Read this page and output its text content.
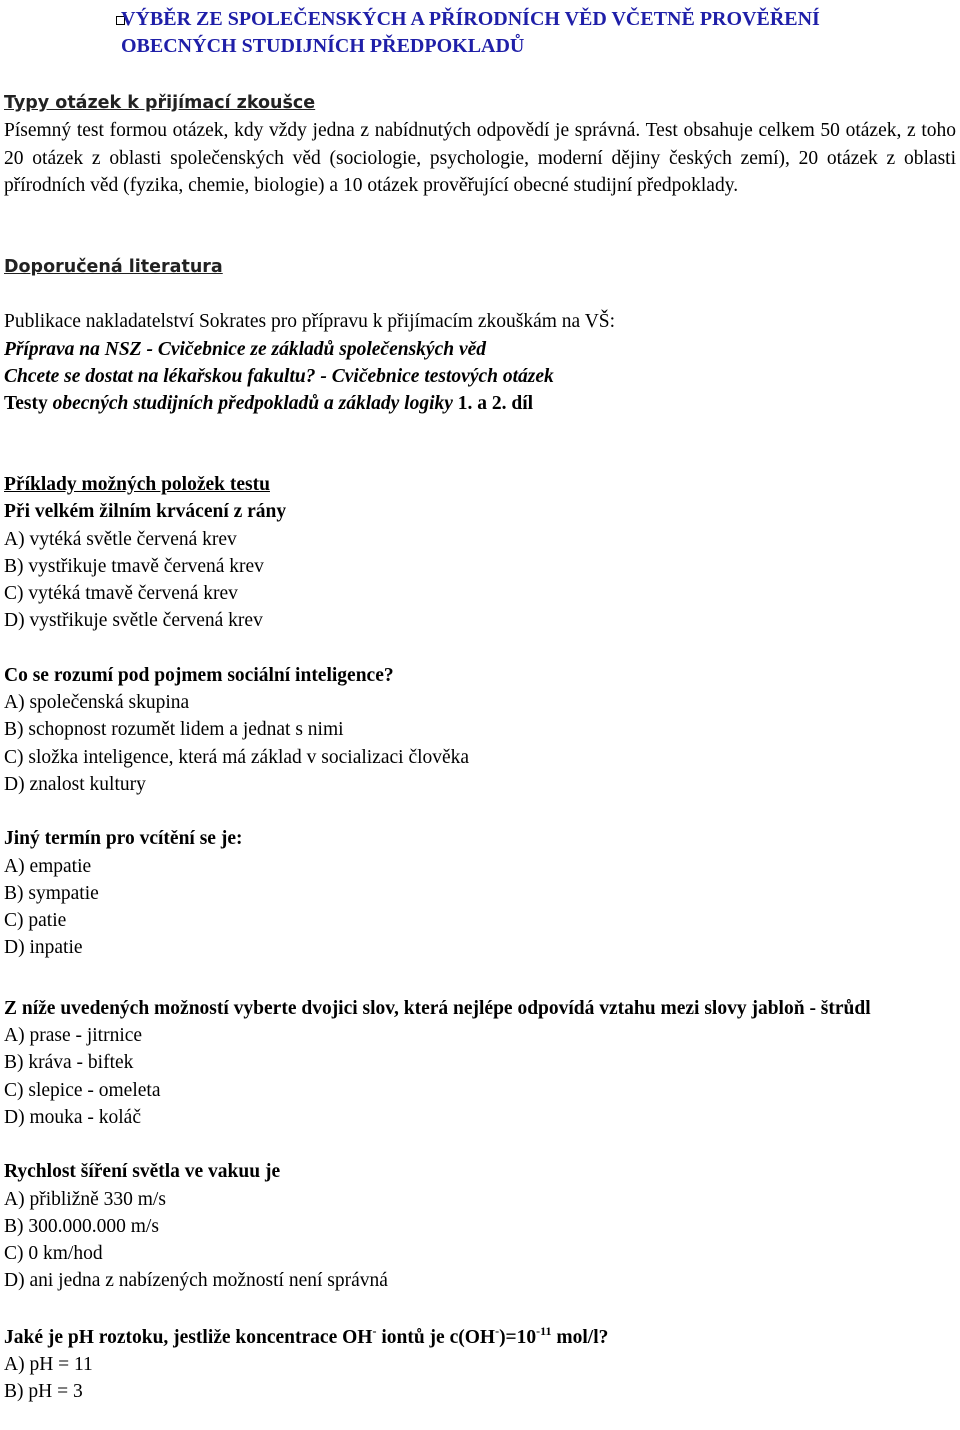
VÝBĚR ZE SPOLEČENSKÝCH A PŘÍRODNÍCH VĚD VČETNĚ PROVĚŘENÍ
OBECNÝCH STUDIJNÍCH PŘEDPOKLADŮ
Typy otázek k přijímací zkoušce
Písemný test formou otázek, kdy vždy jedna z nabídnutých odpovědí je správná. Test obsahuje celkem 50 otázek, z toho 20 otázek z oblasti společenských věd (sociologie, psychologie, moderní dějiny českých zemí), 20 otázek z oblasti přírodních věd (fyzika, chemie, biologie) a 10 otázek prověřující obecné studijní předpoklady.
Doporučená literatura
Publikace nakladatelství Sokrates pro přípravu k přijímacím zkouškám na VŠ:
Příprava na NSZ - Cvičebnice ze základů společenských věd
Chcete se dostat na lékařskou fakultu? - Cvičebnice testových otázek
Testy obecných studijních předpokladů a základy logiky 1. a 2. díl
Příklady možných položek testu
Při velkém žilním krvácení z rány
A) vytéká světle červená krev
B) vystřikuje tmavě červená krev
C) vytéká tmavě červená krev
D) vystřikuje světle červená krev
Co se rozumí pod pojmem sociální inteligence?
A) společenská skupina
B) schopnost rozumět lidem a jednat s nimi
C) složka inteligence, která má základ v socializaci člověka
D) znalost kultury
Jiný termín pro vcítění se je:
A) empatie
B) sympatie
C) patie
D) inpatie
Z níže uvedených možností vyberte dvojici slov, která nejlépe odpovídá vztahu mezi slovy jabloň - štrůdl
A) prase - jitrnice
B) kráva - biftek
C) slepice - omeleta
D) mouka - koláč
Rychlost šíření světla ve vakuu je
A) přibližně 330 m/s
B) 300.000.000 m/s
C) 0 km/hod
D) ani jedna z nabízených možností není správná
Jaké je pH roztoku, jestliže koncentrace OH- iontů je $c(OH^-)=10^{-11}$ mol/l?
A) pH = 11
B) pH = 3
